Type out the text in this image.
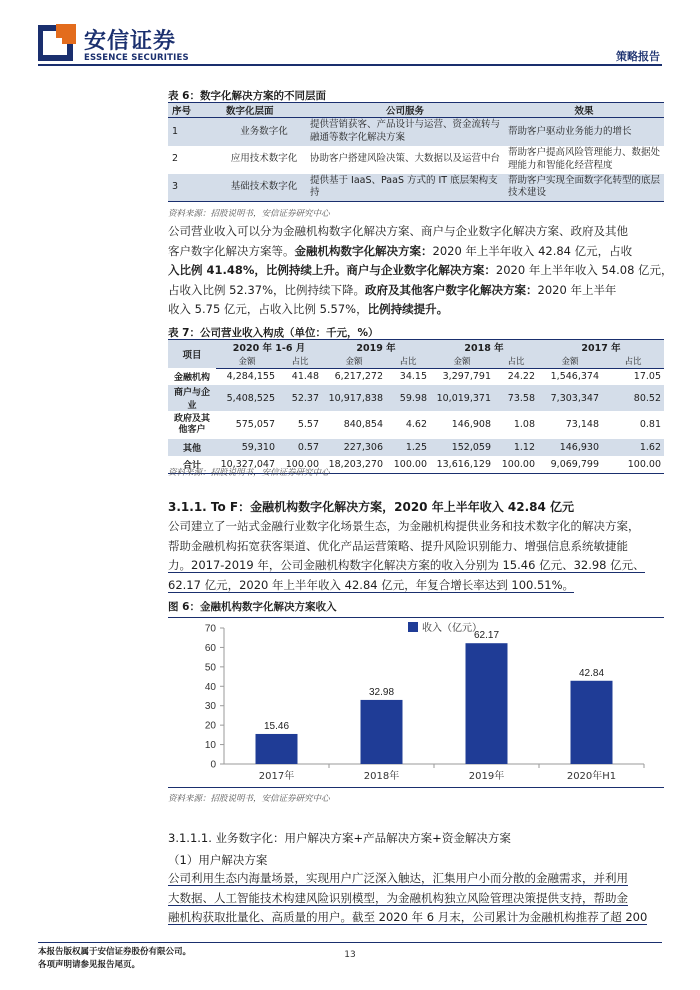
安信证券
ESSENCE SECURITIES	策略报告
表 6：数字化解决方案的不同层面
序号	数字化层面	公司服务	效果
1	业务数字化	提供营销获客、产品设计与运营、资金流转与融通等数字化解决方案	帮助客户驱动业务能力的增长
2	应用技术数字化	协助客户搭建风险决策、大数据以及运营中台	帮助客户提高风险管理能力、数据处理能力和智能化经营程度
3	基础技术数字化	提供基于 IaaS、PaaS 方式的 IT 底层架构支持	帮助客户实现全面数字化转型的底层技术建设
资料来源：招股说明书，安信证券研究中心

公司营业收入可以分为金融机构数字化解决方案、商户与企业数字化解决方案、政府及其他

客户数字化解决方案等。金融机构数字化解决方案：2020 年上半年收入 42.84 亿元，占收

入比例 41.48%，比例持续上升。商户与企业数字化解决方案：2020 年上半年收入 54.08 亿元，

占收入比例 52.37%，比例持续下降。政府及其他客户数字化解决方案：2020 年上半年

收入 5.75 亿元，占收入比例 5.57%，比例持续提升。

表 7：公司营业收入构成（单位：千元，%）
项目	2020 年 1-6 月		2019 年		2018 年		2017 年	
	金额	占比	金额	占比	金额	占比	金额	占比
金融机构	4,284,155	41.48	6,217,272	34.15	3,297,791	24.22	1,546,374	17.05
商户与企业	5,408,525	52.37	10,917,838	59.98	10,019,371	73.58	7,303,347	80.52
政府及其他客户	575,057	5.57	840,854	4.62	146,908	1.08	73,148	0.81
其他	59,310	0.57	227,306	1.25	152,059	1.12	146,930	1.62
合计	10,327,047	100.00	18,203,270	100.00	13,616,129	100.00	9,069,799	100.00
资料来源：招股说明书，安信证券研究中心
3.1.1. To F：金融机构数字化解决方案，2020 年上半年收入 42.84 亿元

公司建立了一站式金融行业数字化场景生态，为金融机构提供业务和技术数字化的解决方案，

帮助金融机构拓宽获客渠道、优化产品运营策略、提升风险识别能力、增强信息系统敏捷能

力。2017-2019 年，公司金融机构数字化解决方案的收入分别为 15.46 亿元、32.98 亿元、

62.17 亿元，2020 年上半年收入 42.84 亿元，年复合增长率达到 100.51%。

图 6：金融机构数字化解决方案收入
0
10
20
30
40
50
60
70
15.46
2017年
32.98
2018年
62.17
2019年
42.84
2020年H1
收入（亿元）
资料来源：招股说明书，安信证券研究中心
3.1.1.1. 业务数字化：用户解决方案+产品解决方案+资金解决方案
（1）用户解决方案

公司利用生态内海量场景，实现用户广泛深入触达，汇集用户小而分散的金融需求，并利用

大数据、人工智能技术构建风险识别模型，为金融机构独立风险管理决策提供支持，帮助金

融机构获取批量化、高质量的用户。截至 2020 年 6 月末，公司累计为金融机构推荐了超 200

本报告版权属于安信证券股份有限公司。
各项声明请参见报告尾页。
13
